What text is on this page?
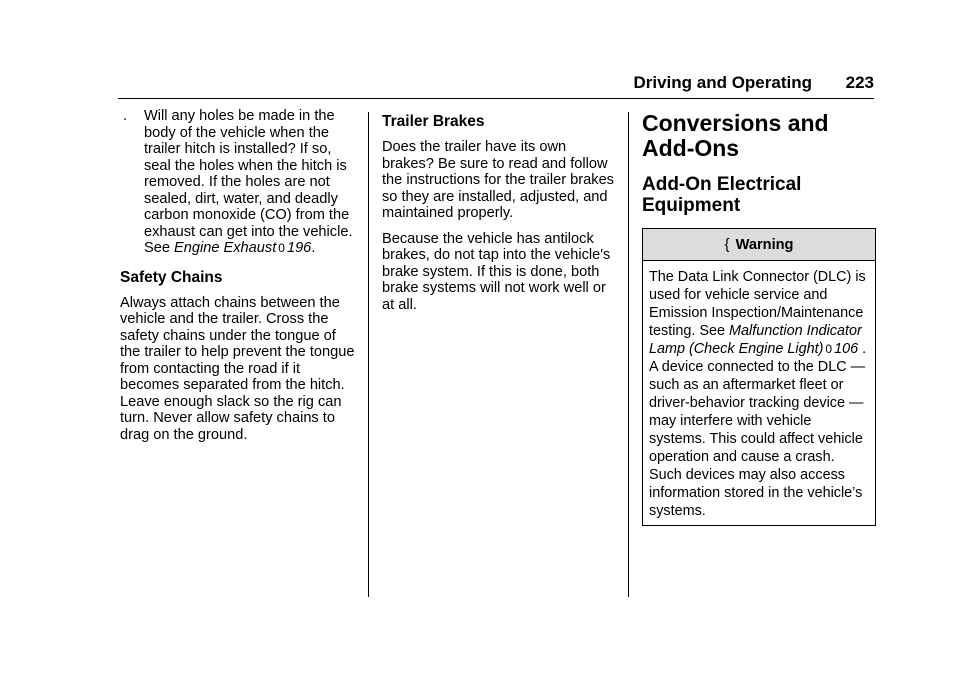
Driving and Operating 223

. Will any holes be made in the body of the vehicle when the trailer hitch is installed? If so, seal the holes when the hitch is removed. If the holes are not sealed, dirt, water, and deadly carbon monoxide (CO) from the exhaust can get into the vehicle. See Engine Exhaust 0 196.

Safety Chains

Always attach chains between the vehicle and the trailer. Cross the safety chains under the tongue of the trailer to help prevent the tongue from contacting the road if it becomes separated from the hitch. Leave enough slack so the rig can turn. Never allow safety chains to drag on the ground.

Trailer Brakes

Does the trailer have its own brakes? Be sure to read and follow the instructions for the trailer brakes so they are installed, adjusted, and maintained properly.

Because the vehicle has antilock brakes, do not tap into the vehicle's brake system. If this is done, both brake systems will not work well or at all.

Conversions and Add-Ons
Add-On Electrical Equipment
{ Warning
The Data Link Connector (DLC) is used for vehicle service and Emission Inspection/Maintenance testing. See Malfunction Indicator Lamp (Check Engine Light) 0 106 . A device connected to the DLC — such as an aftermarket fleet or driver-behavior tracking device — may interfere with vehicle systems. This could affect vehicle operation and cause a crash. Such devices may also access information stored in the vehicle’s systems.
